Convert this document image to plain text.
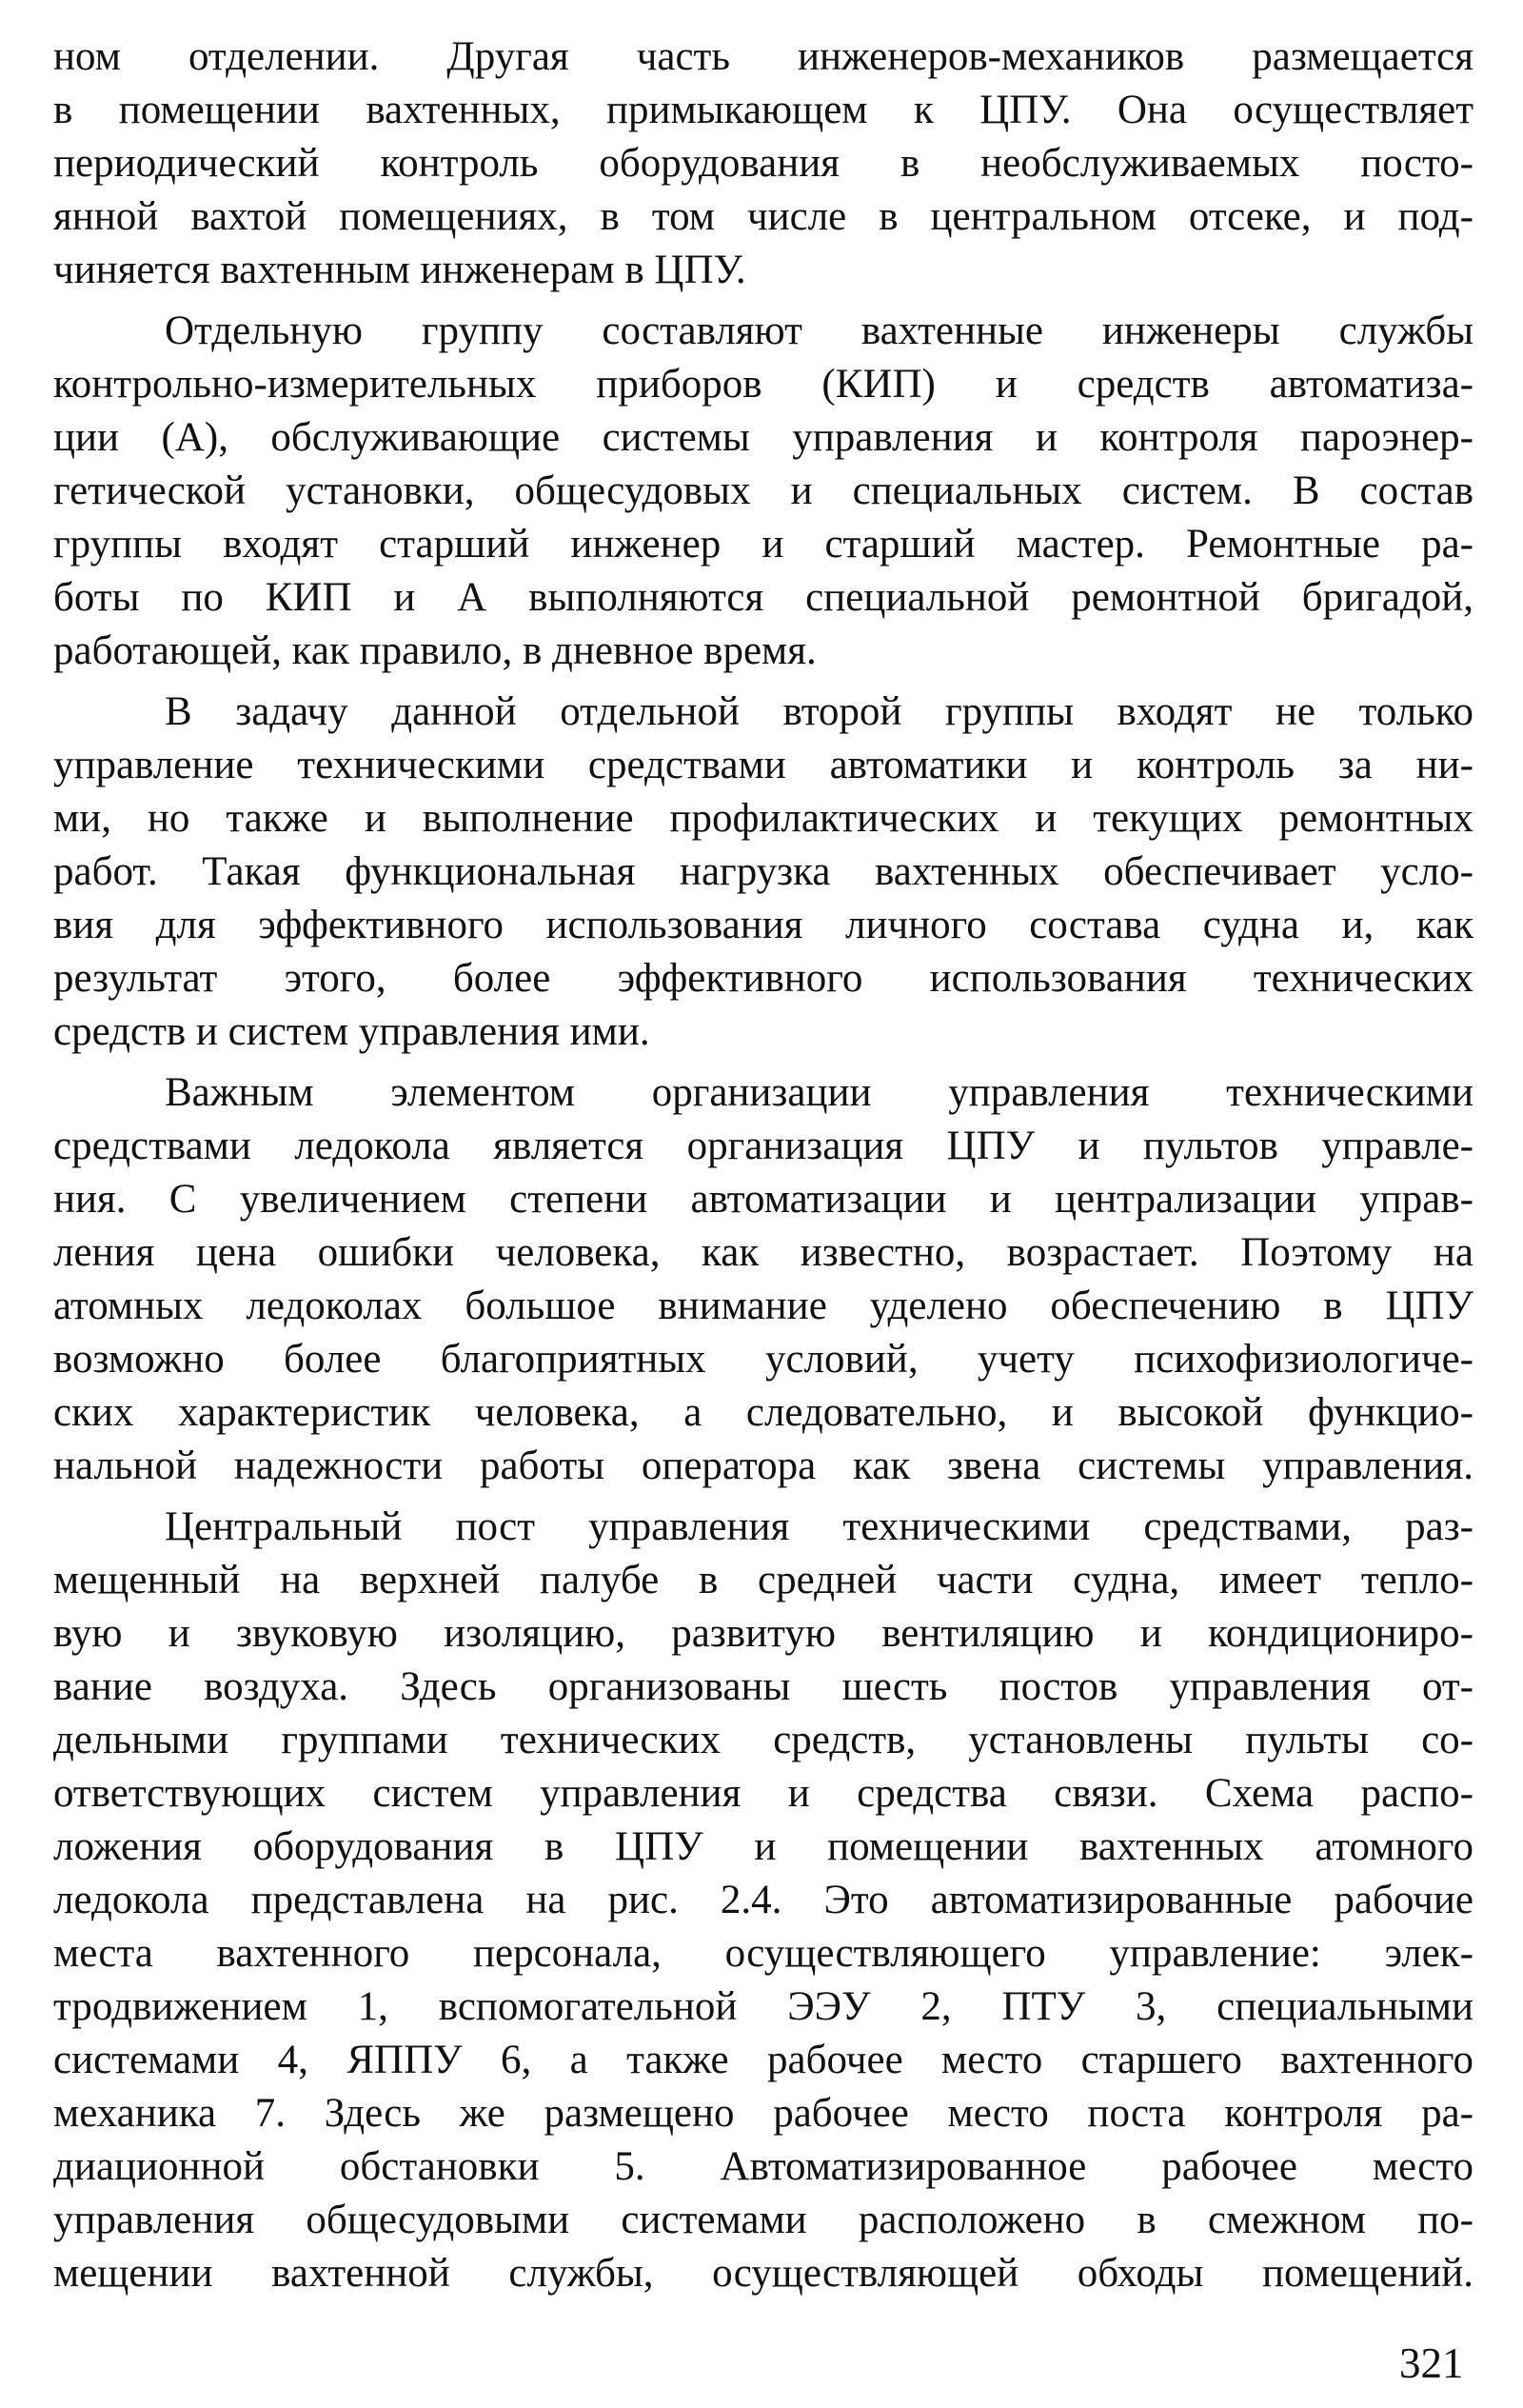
ном отделении. Другая часть инженеров-механиков размещается
в помещении вахтенных, примыкающем к ЦПУ. Она осуществляет
периодический контроль оборудования в необслуживаемых посто-
янной вахтой помещениях, в том числе в центральном отсеке, и под-
чиняется вахтенным инженерам в ЦПУ.
Отдельную группу составляют вахтенные инженеры службы
контрольно-измерительных приборов (КИП) и средств автоматиза-
ции (А), обслуживающие системы управления и контроля пароэнер-
гетической установки, общесудовых и специальных систем. В состав
группы входят старший инженер и старший мастер. Ремонтные ра-
боты по КИП и А выполняются специальной ремонтной бригадой,
работающей, как правило, в дневное время.
В задачу данной отдельной второй группы входят не только
управление техническими средствами автоматики и контроль за ни-
ми, но также и выполнение профилактических и текущих ремонтных
работ. Такая функциональная нагрузка вахтенных обеспечивает усло-
вия для эффективного использования личного состава судна и, как
результат этого, более эффективного использования технических
средств и систем управления ими.
Важным элементом организации управления техническими
средствами ледокола является организация ЦПУ и пультов управле-
ния. С увеличением степени автоматизации и централизации управ-
ления цена ошибки человека, как известно, возрастает. Поэтому на
атомных ледоколах большое внимание уделено обеспечению в ЦПУ
возможно более благоприятных условий, учету психофизиологиче-
ских характеристик человека, а следовательно, и высокой функцио-
нальной надежности работы оператора как звена системы управления.
Центральный пост управления техническими средствами, раз-
мещенный на верхней палубе в средней части судна, имеет тепло-
вую и звуковую изоляцию, развитую вентиляцию и кондициониро-
вание воздуха. Здесь организованы шесть постов управления от-
дельными группами технических средств, установлены пульты со-
ответствующих систем управления и средства связи. Схема распо-
ложения оборудования в ЦПУ и помещении вахтенных атомного
ледокола представлена на рис. 2.4. Это автоматизированные рабочие
места вахтенного персонала, осуществляющего управление: элек-
тродвижением 1, вспомогательной ЭЭУ 2, ПТУ 3, специальными
системами 4, ЯППУ 6, а также рабочее место старшего вахтенного
механика 7. Здесь же размещено рабочее место поста контроля ра-
диационной обстановки 5. Автоматизированное рабочее место
управления общесудовыми системами расположено в смежном по-
мещении вахтенной службы, осуществляющей обходы помещений.
321
